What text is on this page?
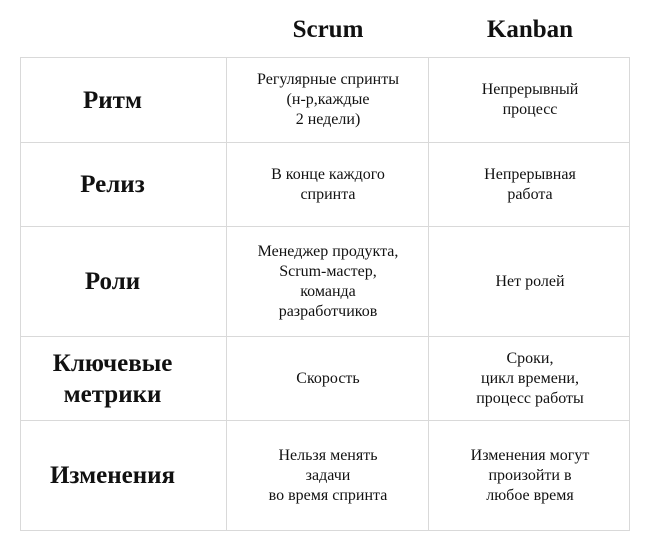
Scrum	Kanban
Ритм
Регулярные спринты
(н-р,каждые
2 недели)
Непрерывный
процесс
Релиз	В конце каждого
спринта
Непрерывная
работа
Роли
Менеджер продукта,
Scrum-мастер,
команда
разработчиков
Нет ролей
Ключевые
метрики
Скорость
Сроки,
цикл времени,
процесс работы
Изменения
Нельзя менять
задачи
во время спринта
Изменения могут
произойти в
любое время
